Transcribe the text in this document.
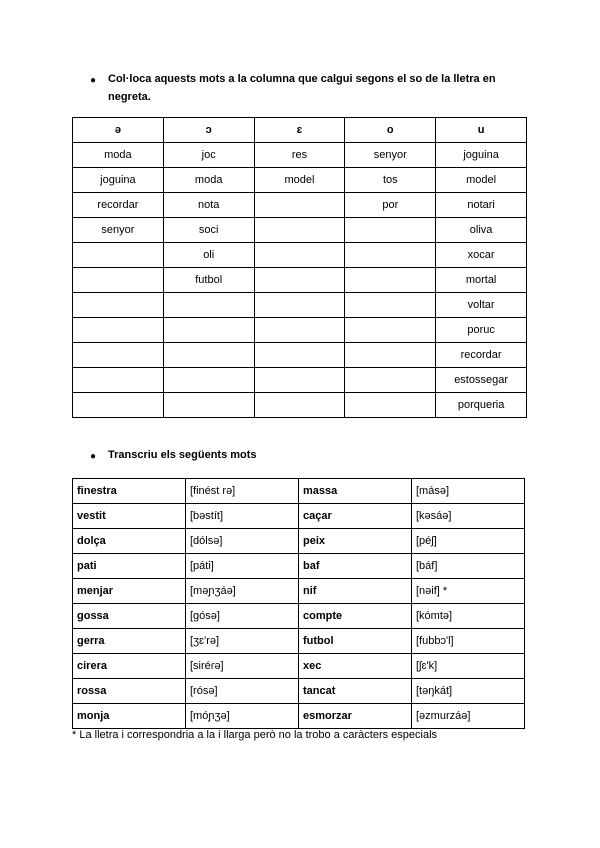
● Col·loca aquests mots a la columna que calgui segons el so de la lletra en negreta.
ə	ɔ	ɛ	o	u
moda	joc	res	senyor	joguina
joguina	moda	model	tos	model
recordar	nota		por	notari
senyor	soci			oliva
	oli			xocar
	futbol			mortal
				voltar
				poruc
				recordar
				estossegar
				porqueria
● Transcriu els següents mots
finestra	[finést rə]	massa	[másə]
vestit	[bəstít]	caçar	[kəsáə]
dolça	[dólsə]	peix	[péʃ]
pati	[páti]	baf	[báf]
menjar	[məɲʒáə]	nif	[nəif] *
gossa	[gósə]	compte	[kómtə]
gerra	[ʒɛ'rə]	futbol	[fubbɔ'l]
cirera	[siréɾə]	xec	[ʃɛ'k]
rossa	[rósə]	tancat	[təŋkát]
monja	[móɲʒə]	esmorzar	[əzmurzáə]
* La lletra i correspondria a la i llarga però no la trobo a caràcters especials
